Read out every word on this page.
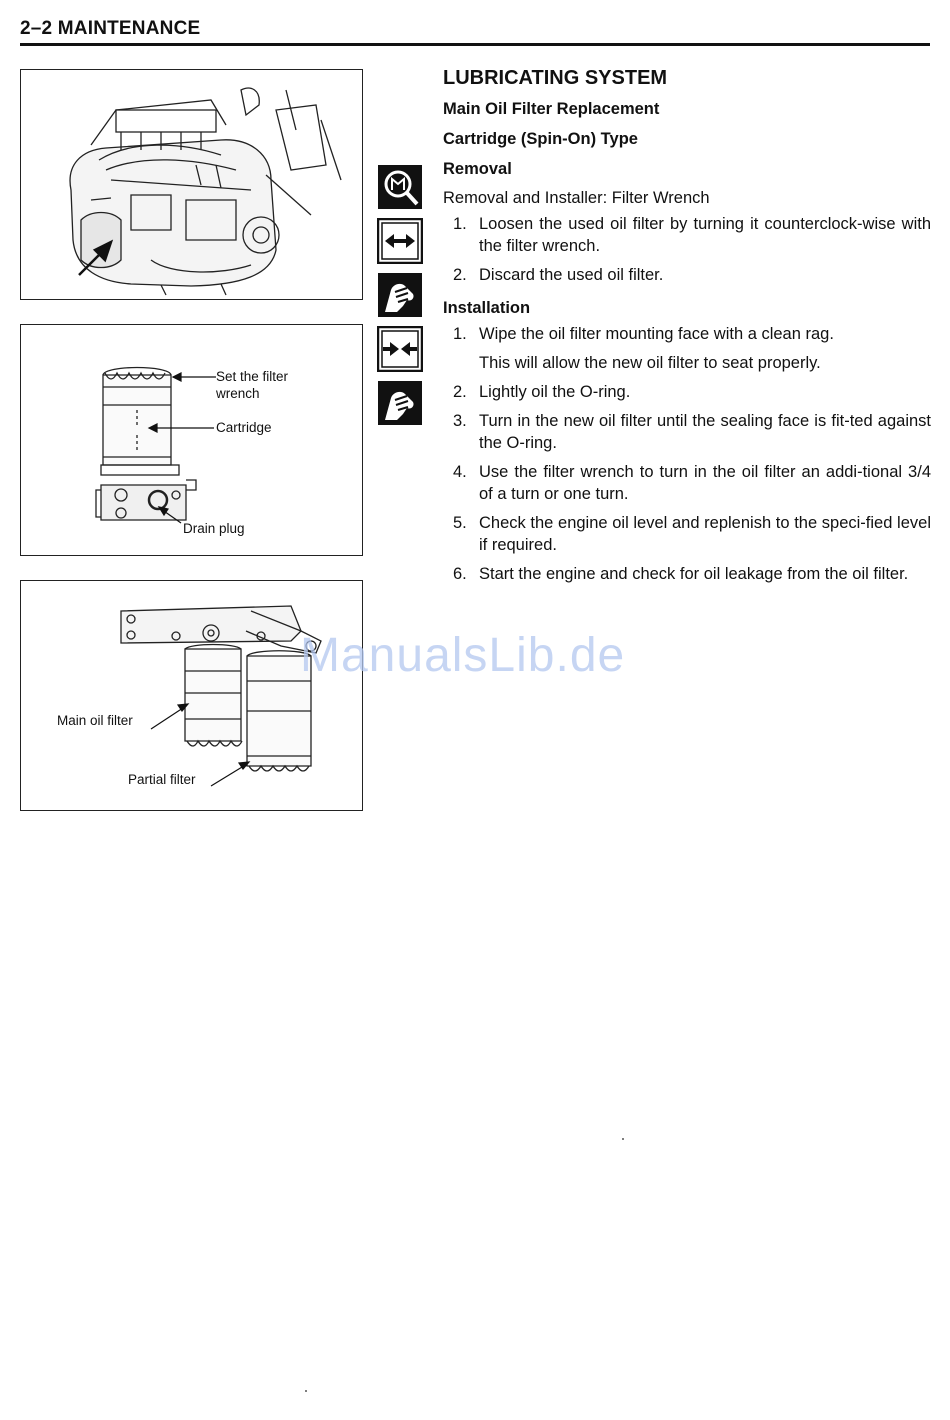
2–2 MAINTENANCE
Set the filter
wrench
Cartridge
Drain plug
Main oil filter
Partial filter
LUBRICATING SYSTEM
Main Oil Filter Replacement
Cartridge (Spin-On) Type
Removal
Removal and Installer: Filter Wrench
1. Loosen the used oil filter by turning it counterclock-wise with the filter wrench.
2. Discard the used oil filter.
Installation
1. Wipe the oil filter mounting face with a clean rag.
This will allow the new oil filter to seat properly.
2. Lightly oil the O-ring.
3. Turn in the new oil filter until the sealing face is fit-ted against the O-ring.
4. Use the filter wrench to turn in the oil filter an addi-tional 3/4 of a turn or one turn.
5. Check the engine oil level and replenish to the speci-fied level if required.
6. Start the engine and check for oil leakage from the oil filter.
ManualsLib.de
